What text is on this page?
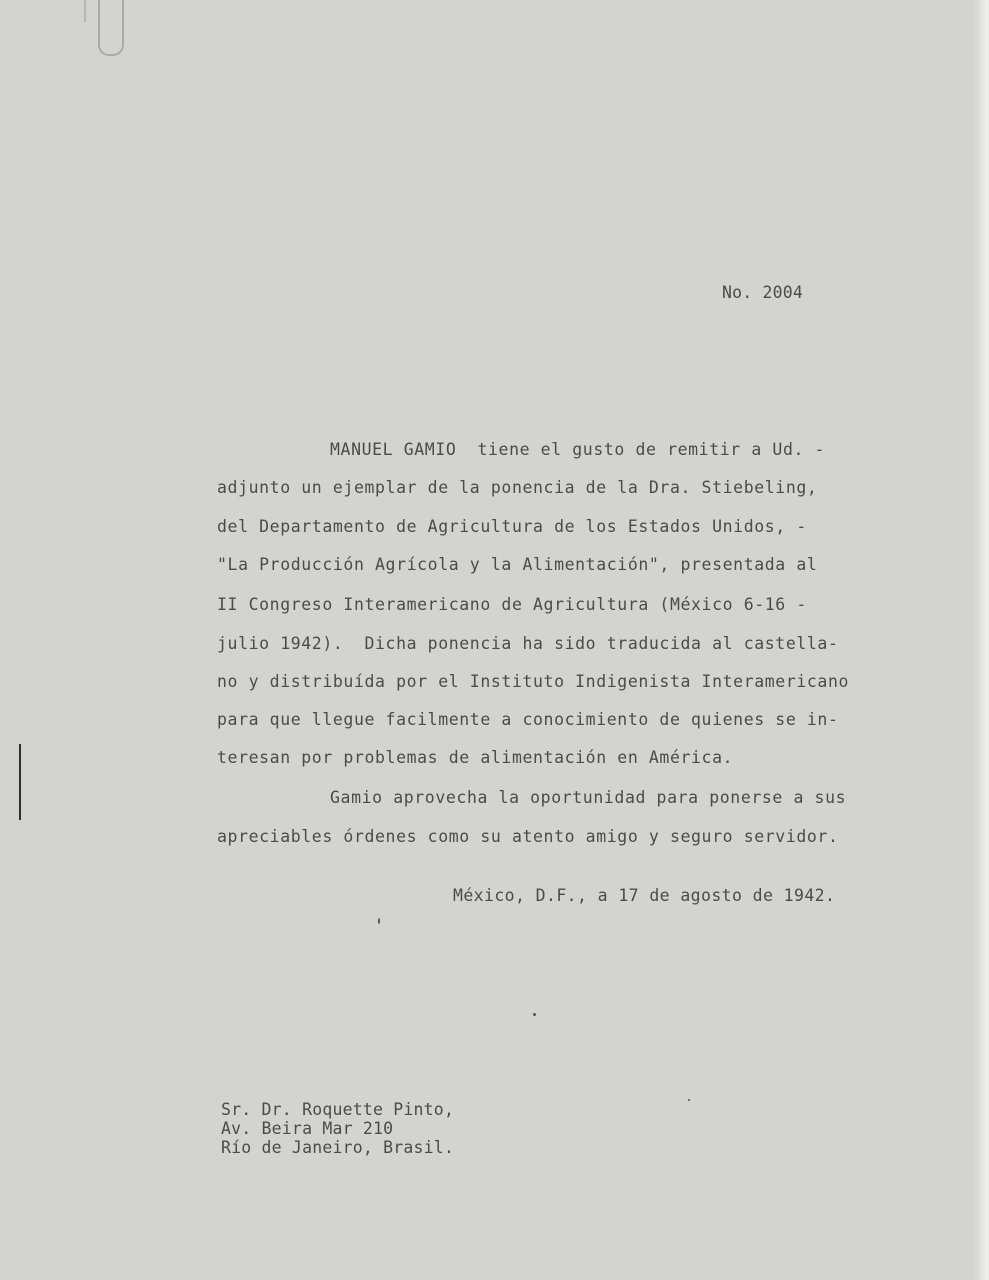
No. 2004
MANUEL GAMIO  tiene el gusto de remitir a Ud. -
adjunto un ejemplar de la ponencia de la Dra. Stiebeling,
del Departamento de Agricultura de los Estados Unidos, -
"La Producción Agrícola y la Alimentación", presentada al
II Congreso Interamericano de Agricultura (México 6-16 -
julio 1942).  Dicha ponencia ha sido traducida al castella-
no y distribuída por el Instituto Indigenista Interamericano
para que llegue facilmente a conocimiento de quienes se in-
teresan por problemas de alimentación en América.
Gamio aprovecha la oportunidad para ponerse a sus
apreciables órdenes como su atento amigo y seguro servidor.
México, D.F., a 17 de agosto de 1942.
Sr. Dr. Roquette Pinto,
Av. Beira Mar 210
Río de Janeiro, Brasil.
